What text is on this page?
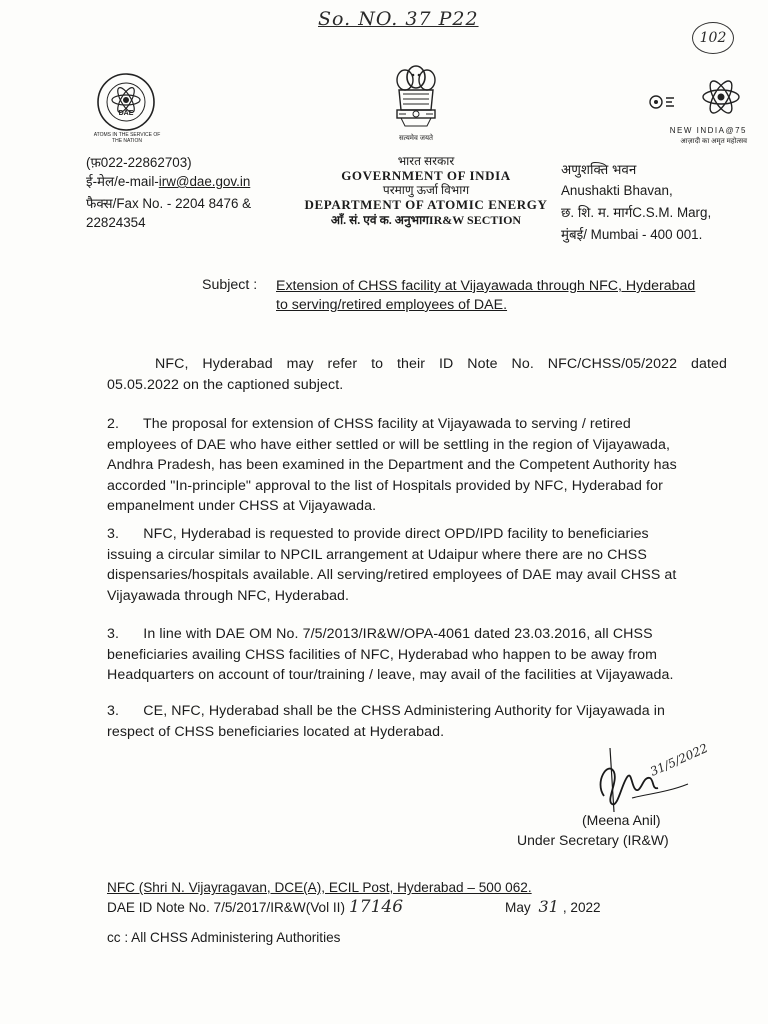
So. NO. 37 P22
102
ATOMS IN THE SERVICE OF THE NATION
DAE
सत्यमेव जयते
NEW INDIA@75
आज़ादी का अमृत महोत्सव
(फ़022-22862703)
ई-मेल/e-mail-irw@dae.gov.in
फैक्स/Fax No. - 2204 8476 &
22824354
भारत सरकार
GOVERNMENT OF INDIA
परमाणु ऊर्जा विभाग
DEPARTMENT OF ATOMIC ENERGY
आँ. सं. एवं क. अनुभागIR&W SECTION
अणुशक्ति भवन
Anushakti Bhavan,
छ. शि. म. मार्गC.S.M. Marg,
मुंबई/ Mumbai - 400 001.
Subject : Extension of CHSS facility at Vijayawada through NFC, Hyderabad
to serving/retired employees of DAE.
NFC, Hyderabad may refer to their ID Note No. NFC/CHSS/05/2022 dated
05.05.2022 on the captioned subject.
2.      The proposal for extension of CHSS facility at Vijayawada to serving / retired
employees of DAE who have either settled or will be settling in the region of Vijayawada,
Andhra Pradesh, has been examined in the Department and the Competent Authority has
accorded "In-principle" approval to the list of Hospitals provided by NFC, Hyderabad for
empanelment under CHSS at Vijayawada.
3.      NFC, Hyderabad is requested to provide direct OPD/IPD facility to beneficiaries
issuing a circular similar to NPCIL arrangement at Udaipur where there are no CHSS
dispensaries/hospitals available. All serving/retired employees of DAE may avail CHSS at
Vijayawada through NFC, Hyderabad.
3.      In line with DAE OM No. 7/5/2013/IR&W/OPA-4061 dated 23.03.2016, all CHSS
beneficiaries availing CHSS facilities of NFC, Hyderabad who happen to be away from
Headquarters on account of tour/training / leave, may avail of the facilities at Vijayawada.
3.      CE, NFC, Hyderabad shall be the CHSS Administering Authority for Vijayawada in
respect of CHSS beneficiaries located at Hyderabad.
31/5/2022
(Meena Anil)
Under Secretary (IR&W)
NFC (Shri N. Vijayragavan, DCE(A), ECIL Post, Hyderabad – 500 062.
DAE ID Note No. 7/5/2017/IR&W(Vol II) 17146	May 31 , 2022
cc : All CHSS Administering Authorities
